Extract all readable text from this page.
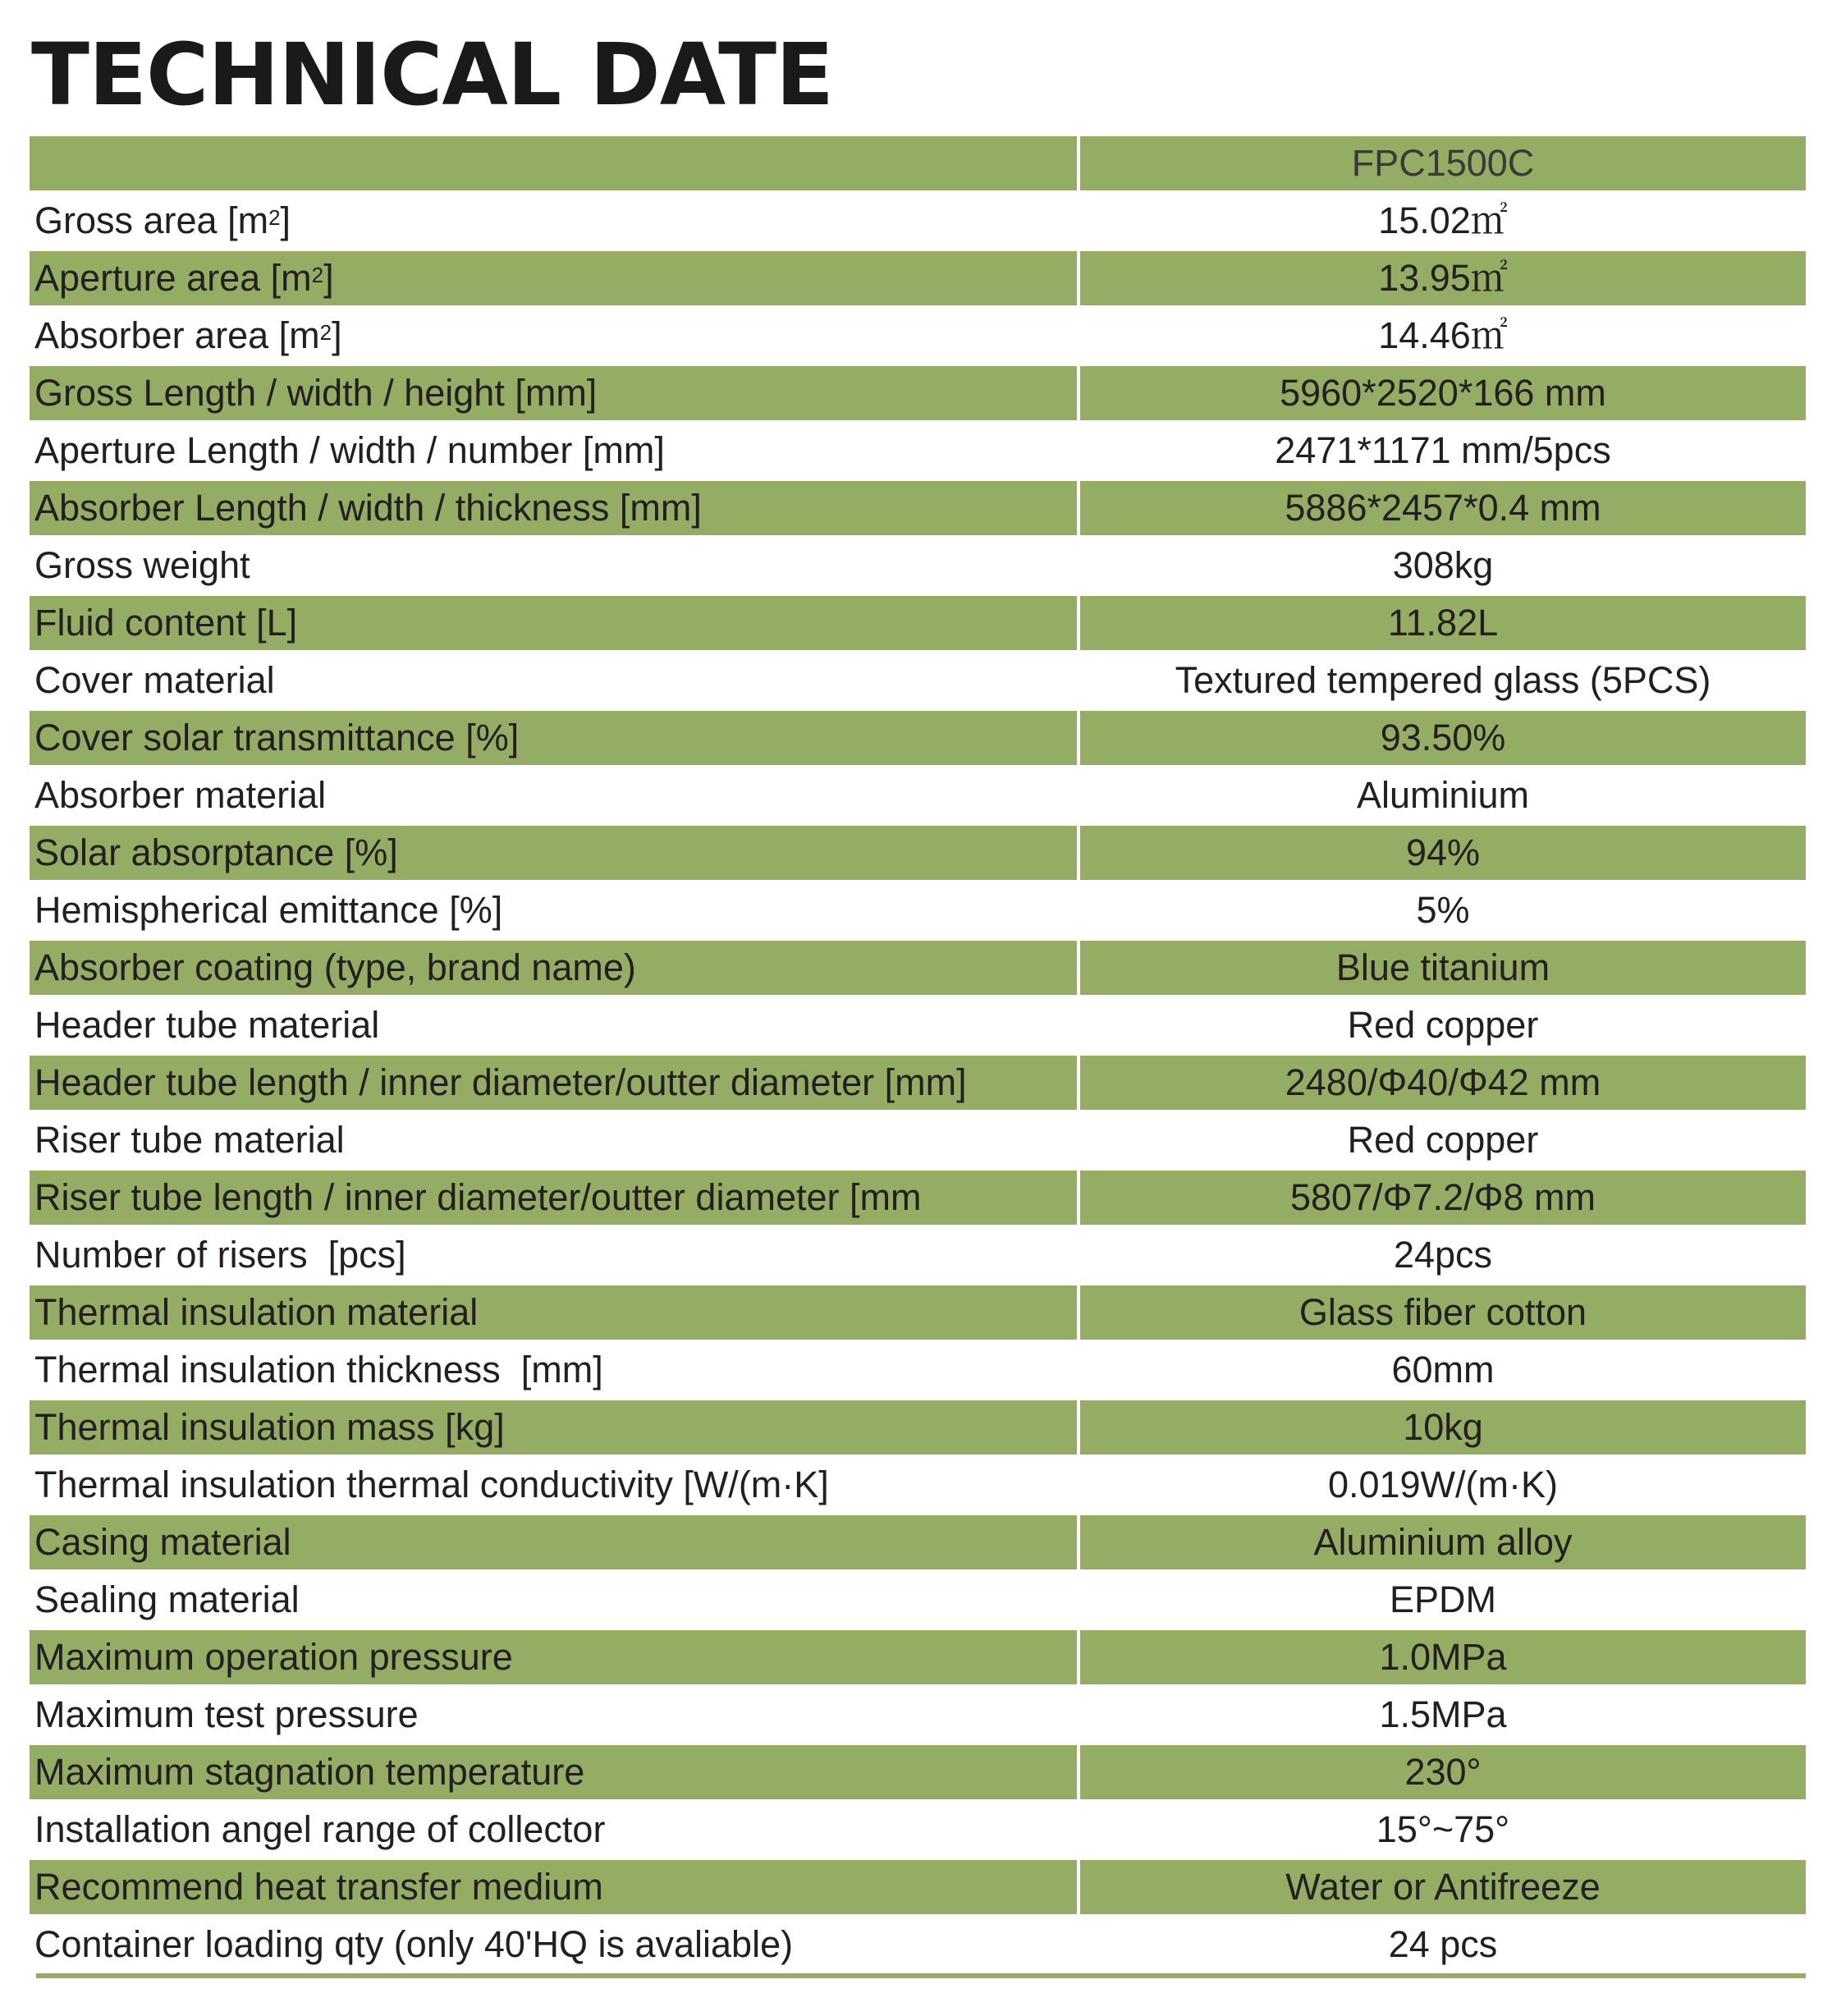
TECHNICAL DATE
FPC1500C
Gross area [$m^2$ ]	15.02㎡
Aperture area [$m^2$ ]	13.95㎡
Absorber area [$m^2$ ]	14.46㎡
Gross Length / width / height [mm]	5960*2520*166 mm
Aperture Length / width / number [mm]	2471*1171 mm/5pcs
Absorber Length / width / thickness [mm]	5886*2457*0.4 mm
Gross weight	308kg
Fluid content [L]	11.82L
Cover material	Textured tempered glass (5PCS)
Cover solar transmittance [%]	93.50%
Absorber material	Aluminium
Solar absorptance [%]	94%
Hemispherical emittance [%]	5%
Absorber coating (type, brand name)	Blue titanium
Header tube material	Red copper
Header tube length / inner diameter/outter diameter [mm]	2480/Φ40/Φ42 mm
Riser tube material	Red copper
Riser tube length / inner diameter/outter diameter [mm	5807/Φ7.2/Φ8 mm
Number of risers  [pcs]	24pcs
Thermal insulation material	Glass fiber cotton
Thermal insulation thickness  [mm]	60mm
Thermal insulation mass [kg]	10kg
Thermal insulation thermal conductivity [W/(m·K]	0.019W/(m·K)
Casing material	Aluminium alloy
Sealing material	EPDM
Maximum operation pressure	1.0MPa
Maximum test pressure	1.5MPa
Maximum stagnation temperature	230°
Installation angel range of collector	15°~75°
Recommend heat transfer medium	Water or Antifreeze
Container loading qty (only 40'HQ is avaliable)	24 pcs
